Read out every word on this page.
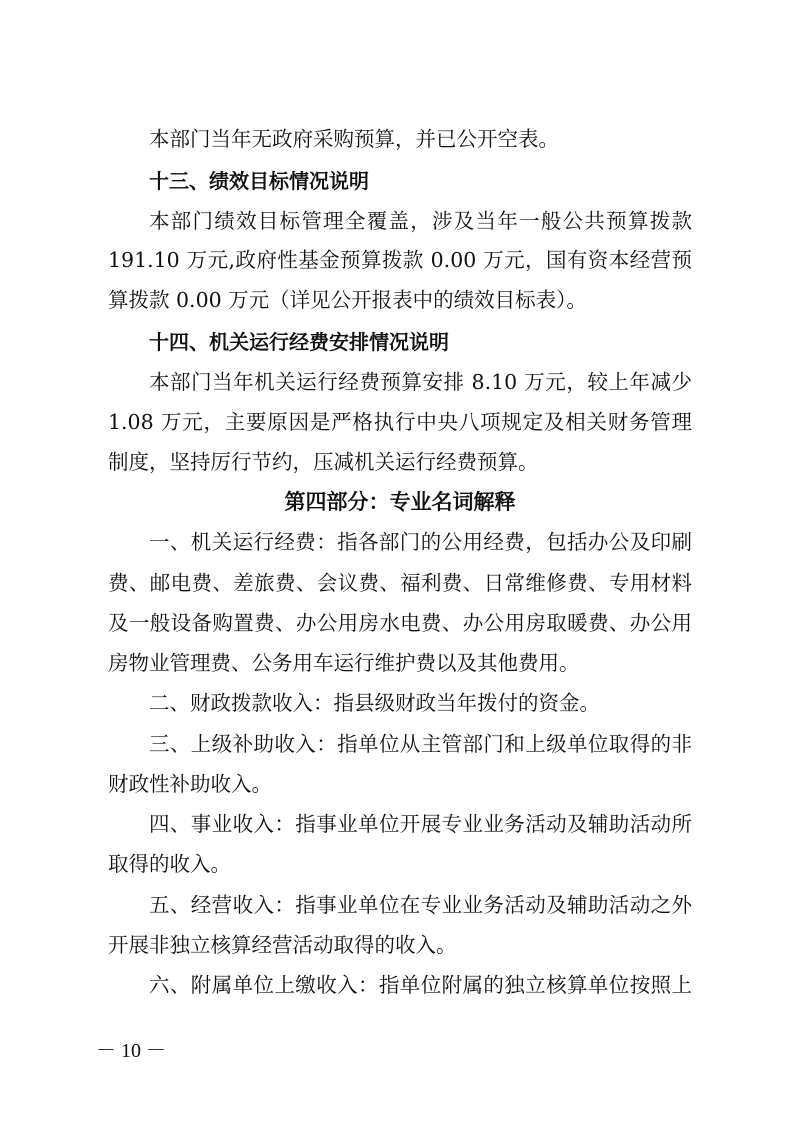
本部门当年无政府采购预算，并已公开空表。
十三、绩效目标情况说明
本部门绩效目标管理全覆盖，涉及当年一般公共预算拨款
191.10 万元,政府性基金预算拨款 0.00 万元，国有资本经营预
算拨款 0.00 万元（详见公开报表中的绩效目标表）。
十四、机关运行经费安排情况说明
本部门当年机关运行经费预算安排 8.10 万元，较上年减少
1.08 万元，主要原因是严格执行中央八项规定及相关财务管理
制度，坚持厉行节约，压减机关运行经费预算。
第四部分：专业名词解释
一、机关运行经费：指各部门的公用经费，包括办公及印刷
费、邮电费、差旅费、会议费、福利费、日常维修费、专用材料
及一般设备购置费、办公用房水电费、办公用房取暖费、办公用
房物业管理费、公务用车运行维护费以及其他费用。
二、财政拨款收入：指县级财政当年拨付的资金。
三、上级补助收入：指单位从主管部门和上级单位取得的非
财政性补助收入。
四、事业收入：指事业单位开展专业业务活动及辅助活动所
取得的收入。
五、经营收入：指事业单位在专业业务活动及辅助活动之外
开展非独立核算经营活动取得的收入。
六、附属单位上缴收入：指单位附属的独立核算单位按照上
－ 10 －
